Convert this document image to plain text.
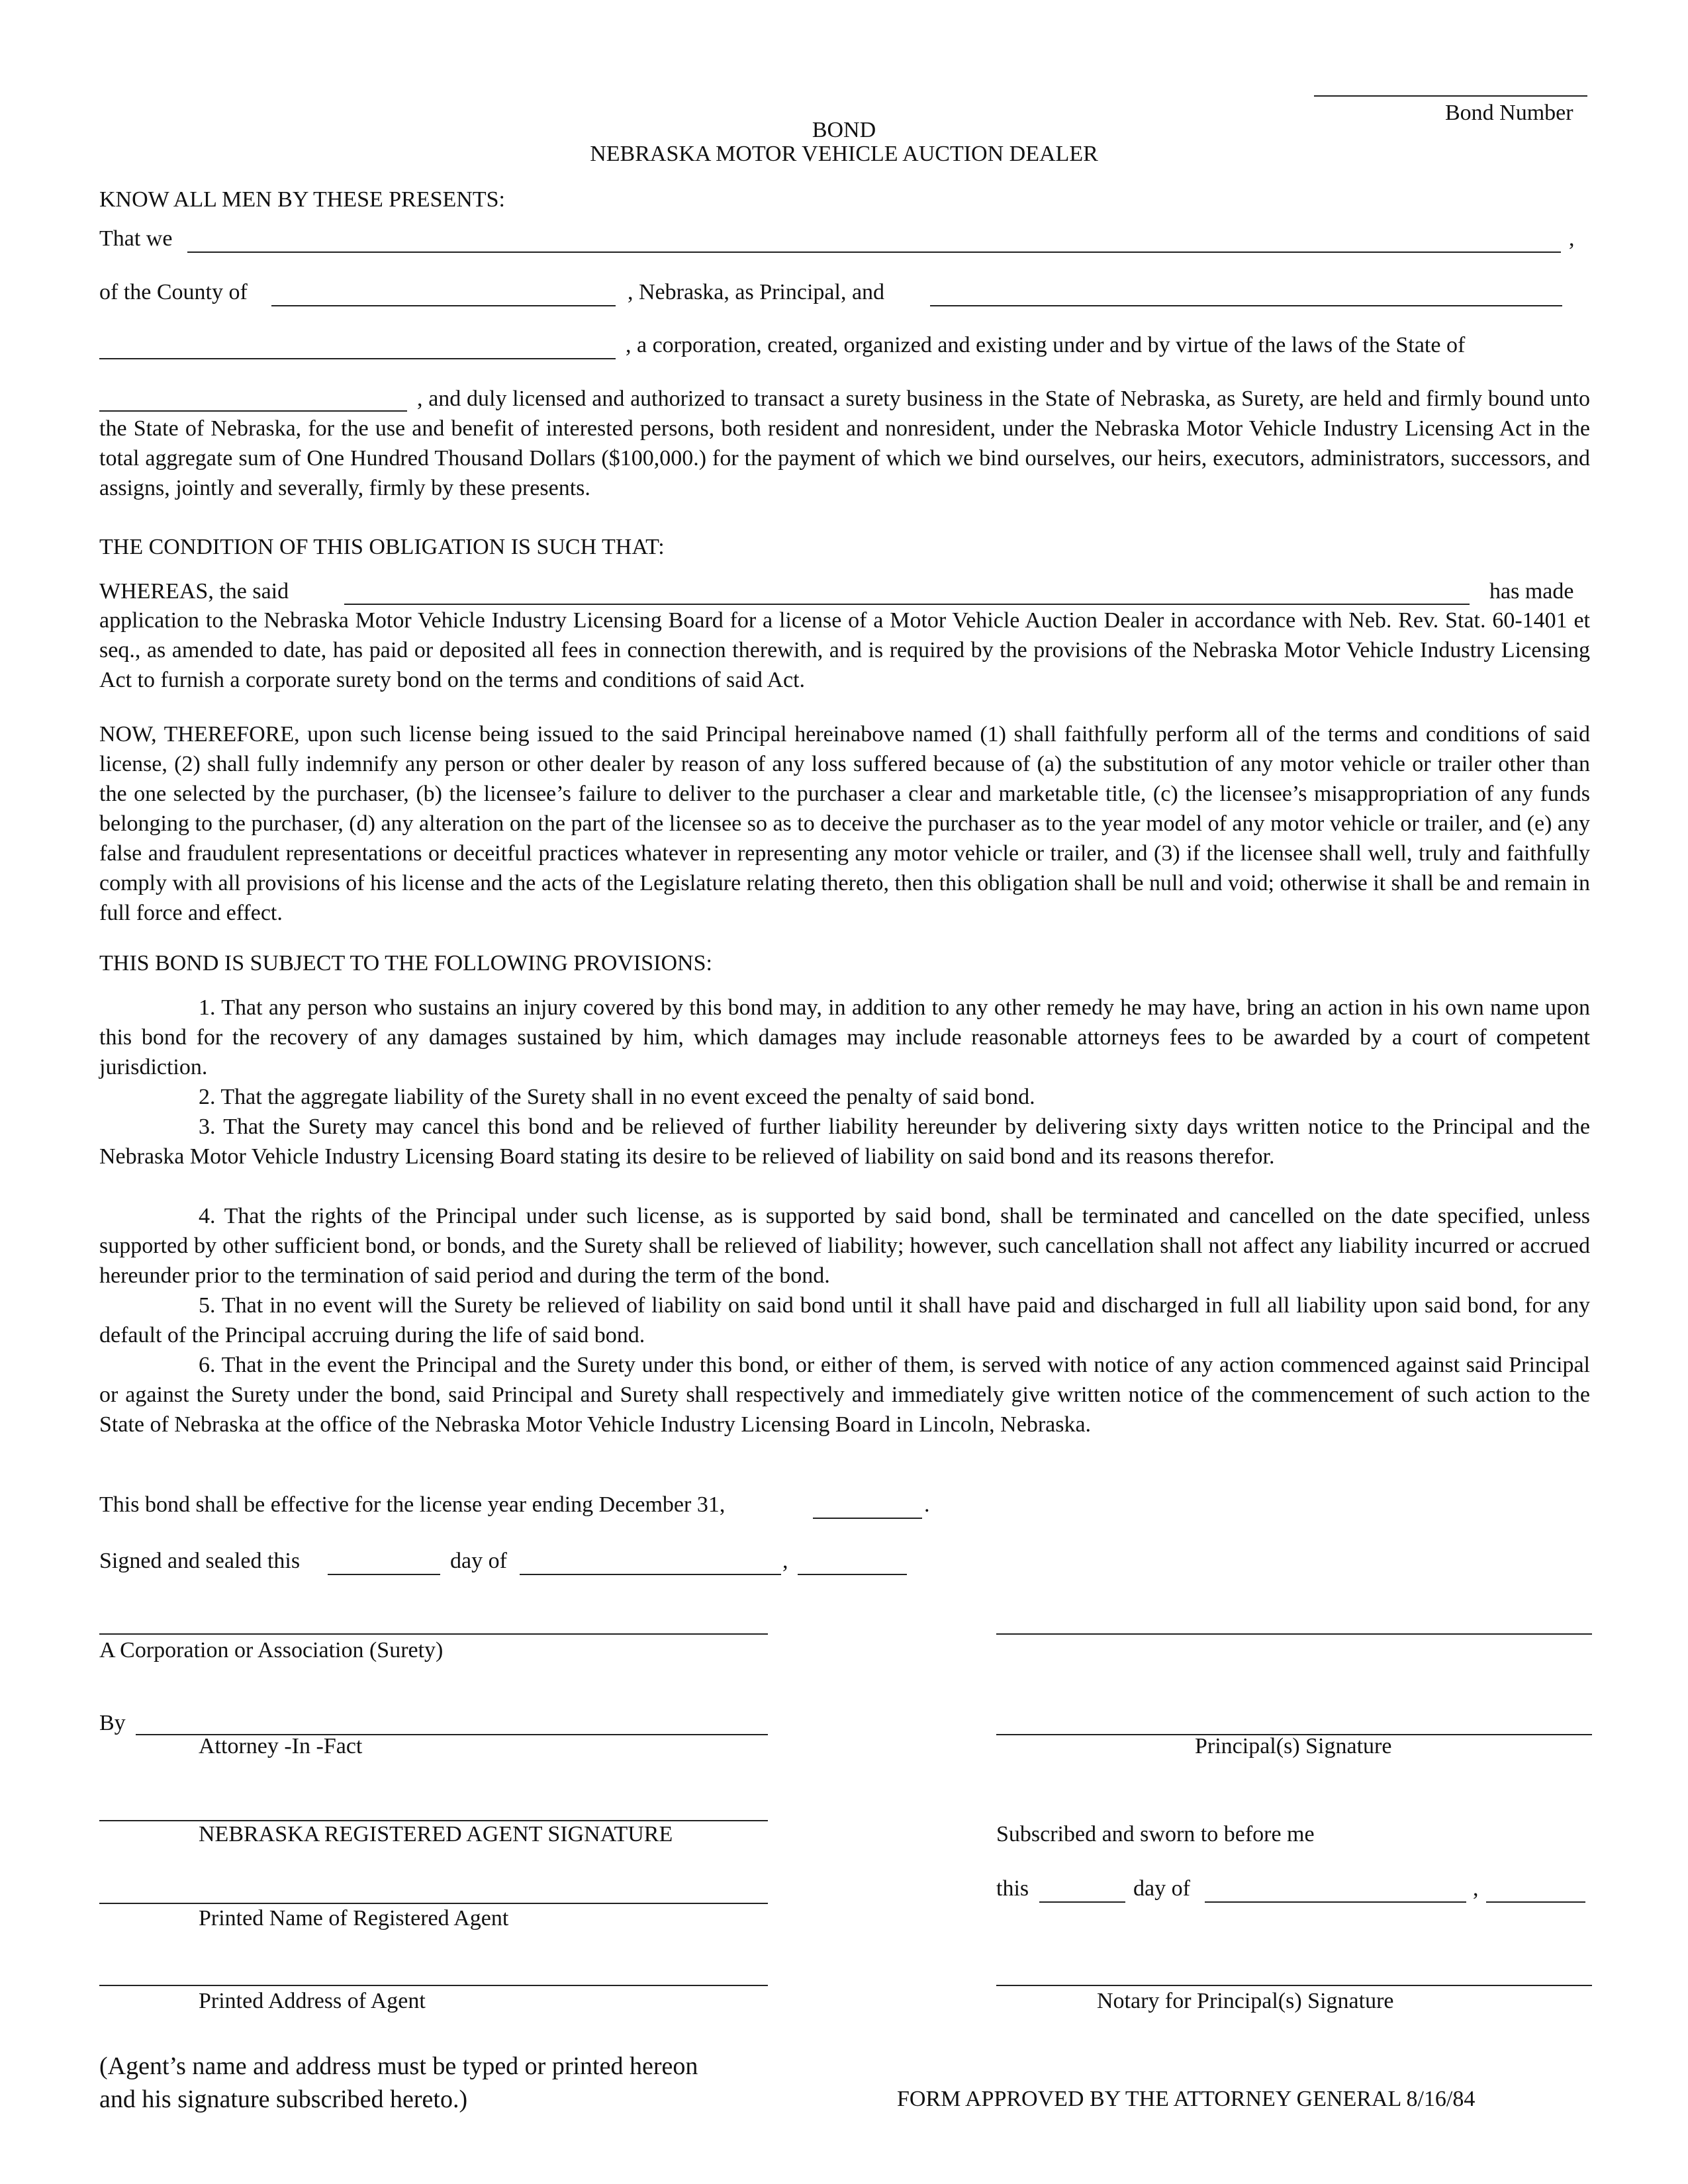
Bond Number
BOND
NEBRASKA MOTOR VEHICLE AUCTION DEALER
KNOW ALL MEN BY THESE PRESENTS:
That we	,
of the County of	, Nebraska, as Principal, and
, a corporation, created, organized and existing under and by virtue of the laws of the State of
, and duly licensed and authorized to transact a surety business in the State of Nebraska, as Surety, are held and firmly bound unto the State of Nebraska, for the use and benefit of interested persons, both resident and nonresident, under the Nebraska Motor Vehicle Industry Licensing Act in the total aggregate sum of One Hundred Thousand Dollars ($100,000.) for the payment of which we bind ourselves, our heirs, executors, administrators, successors, and assigns, jointly and severally, firmly by these presents.
THE CONDITION OF THIS OBLIGATION IS SUCH THAT:
WHEREAS, the said	has made
application to the Nebraska Motor Vehicle Industry Licensing Board for a license of a Motor Vehicle Auction Dealer in accordance with Neb. Rev. Stat. 60-1401 et seq., as amended to date, has paid or deposited all fees in connection therewith, and is required by the provisions of the Nebraska Motor Vehicle Industry Licensing Act to furnish a corporate surety bond on the terms and conditions of said Act.
NOW, THEREFORE, upon such license being issued to the said Principal hereinabove named (1) shall faithfully perform all of the terms and conditions of said license, (2) shall fully indemnify any person or other dealer by reason of any loss suffered because of (a) the substitution of any motor vehicle or trailer other than the one selected by the purchaser, (b) the licensee’s failure to deliver to the purchaser a clear and marketable title, (c) the licensee’s misappropriation of any funds belonging to the purchaser, (d) any alteration on the part of the licensee so as to deceive the purchaser as to the year model of any motor vehicle or trailer, and (e) any false and fraudulent representations or deceitful practices whatever in representing any motor vehicle or trailer, and (3) if the licensee shall well, truly and faithfully comply with all provisions of his license and the acts of the Legislature relating thereto, then this obligation shall be null and void; otherwise it shall be and remain in full force and effect.
THIS BOND IS SUBJECT TO THE FOLLOWING PROVISIONS:
1. That any person who sustains an injury covered by this bond may, in addition to any other remedy he may have, bring an action in his own name upon this bond for the recovery of any damages sustained by him, which damages may include reasonable attorneys fees to be awarded by a court of competent jurisdiction.
2. That the aggregate liability of the Surety shall in no event exceed the penalty of said bond.
3. That the Surety may cancel this bond and be relieved of further liability hereunder by delivering sixty days written notice to the Principal and the Nebraska Motor Vehicle Industry Licensing Board stating its desire to be relieved of liability on said bond and its reasons therefor.
4. That the rights of the Principal under such license, as is supported by said bond, shall be terminated and cancelled on the date specified, unless supported by other sufficient bond, or bonds, and the Surety shall be relieved of liability; however, such cancellation shall not affect any liability incurred or accrued hereunder prior to the termination of said period and during the term of the bond.
5. That in no event will the Surety be relieved of liability on said bond until it shall have paid and discharged in full all liability upon said bond, for any default of the Principal accruing during the life of said bond.
6. That in the event the Principal and the Surety under this bond, or either of them, is served with notice of any action commenced against said Principal or against the Surety under the bond, said Principal and Surety shall respectively and immediately give written notice of the commencement of such action to the State of Nebraska at the office of the Nebraska Motor Vehicle Industry Licensing Board in Lincoln, Nebraska.
This bond shall be effective for the license year ending December 31,	.
Signed and sealed this	day of	,
A Corporation or Association (Surety)
By
Attorney -In -Fact
NEBRASKA REGISTERED AGENT SIGNATURE
Printed Name of Registered Agent
Printed Address of Agent
Principal(s) Signature
Subscribed and sworn to before me
this	day of	,
Notary for Principal(s) Signature
(Agent’s name and address must be typed or printed hereon
and his signature subscribed hereto.)	FORM APPROVED BY THE ATTORNEY GENERAL 8/16/84
